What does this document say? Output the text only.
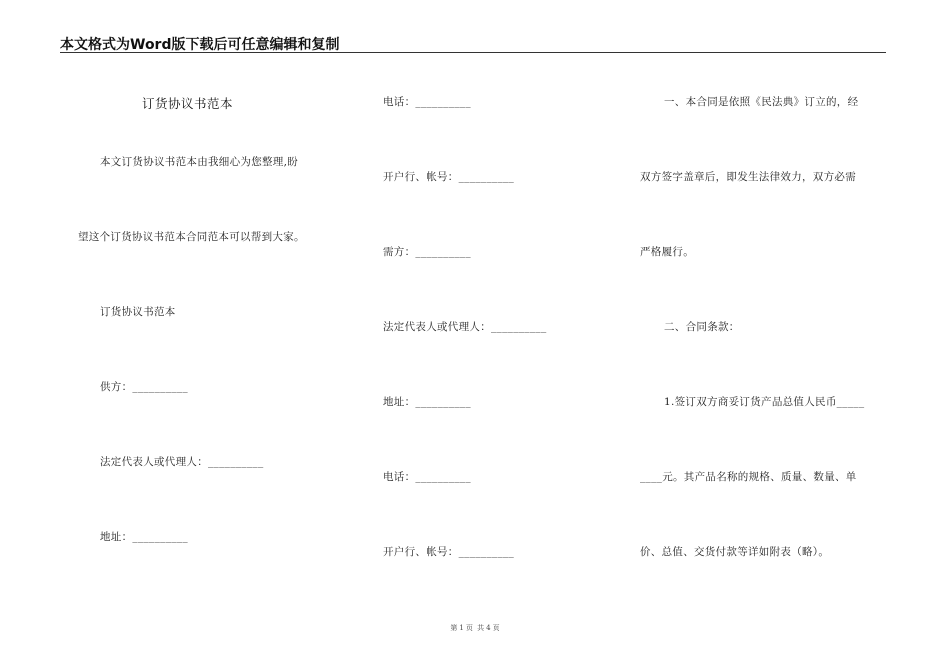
本文格式为Word版下载后可任意编辑和复制
订货协议书范本
本文订货协议书范本由我细心为您整理,盼
望这个订货协议书范本合同范本可以帮到大家。
订货协议书范本
供方：__________
法定代表人或代理人：__________
地址：__________
电话：__________
开户行、帐号：__________
需方：__________
法定代表人或代理人：__________
地址：__________
电话：__________
开户行、帐号：__________
一、本合同是依照《民法典》订立的，经
双方签字盖章后，即发生法律效力，双方必需
严格履行。
二、合同条款：
1.签订双方商妥订货产品总值人民币_____
____元。其产品名称的规格、质量、数量、单
价、总值、交货付款等详如附表（略）。
第 1 页 共 4 页
